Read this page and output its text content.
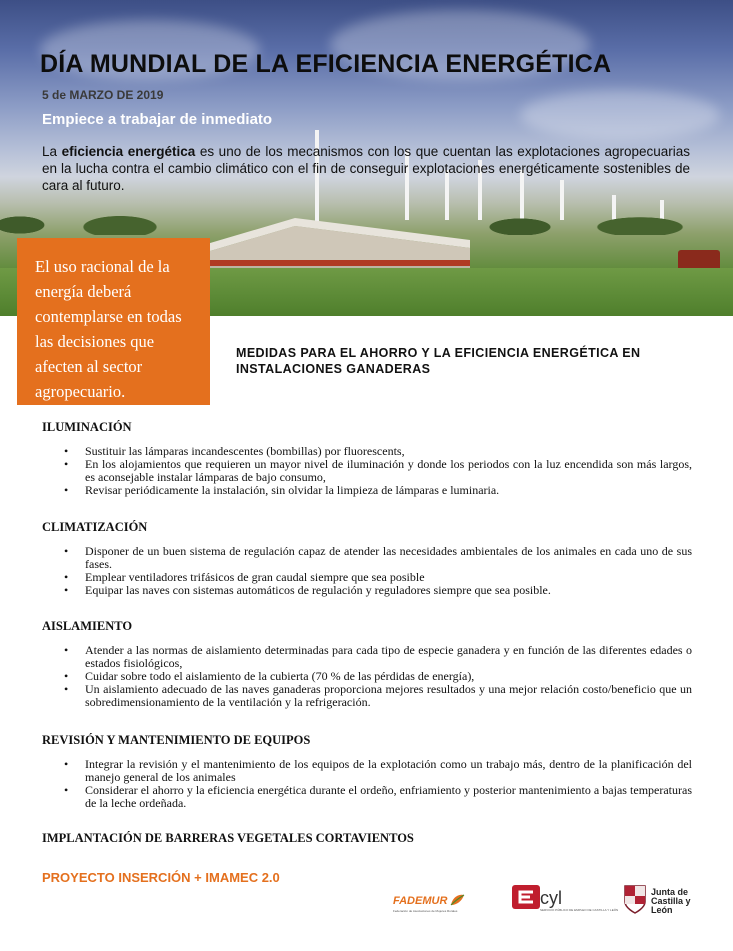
DÍA MUNDIAL DE LA EFICIENCIA ENERGÉTICA
5 de MARZO DE 2019
Empiece a trabajar de inmediato

La eficiencia energética es uno de los mecanismos con los que cuentan las explotaciones agropecuarias en la lucha contra el cambio climático con el fin de conseguir explotaciones energéticamente sostenibles de cara al futuro.

El uso racional de la energía deberá contemplarse en todas las decisiones que afecten al sector agropecuario.
MEDIDAS PARA EL AHORRO Y LA EFICIENCIA ENERGÉTICA EN INSTALACIONES GANADERAS
ILUMINACIÓN
• Sustituir las lámparas incandescentes (bombillas) por fluorescents,
• En los alojamientos que requieren un mayor nivel de iluminación y donde los periodos con la luz encendida son más largos, es aconsejable instalar lámparas de bajo consumo,
• Revisar periódicamente la instalación, sin olvidar la limpieza de lámparas e luminaria.
CLIMATIZACIÓN
• Disponer de un buen sistema de regulación capaz de atender las necesidades ambientales de los animales en cada uno de sus fases.
• Emplear ventiladores trifásicos de gran caudal siempre que sea posible
• Equipar las naves con sistemas automáticos de regulación y reguladores siempre que sea posible.
AISLAMIENTO
• Atender a las normas de aislamiento determinadas para cada tipo de especie ganadera y en función de las diferentes edades o estados fisiológicos,
• Cuidar sobre todo el aislamiento de la cubierta (70 % de las pérdidas de energía),
• Un aislamiento adecuado de las naves ganaderas proporciona mejores resultados y una mejor relación costo/beneficio que un sobredimensionamiento de la ventilación y la refrigeración.
REVISIÓN Y MANTENIMIENTO DE EQUIPOS
• Integrar la revisión y el mantenimiento de los equipos de la explotación como un trabajo más, dentro de la planificación del manejo general de los animales
• Considerar el ahorro y la eficiencia energética durante el ordeño, enfriamiento y posterior mantenimiento a bajas temperaturas de la leche ordeñada.
IMPLANTACIÓN DE BARRERAS VEGETALES CORTAVIENTOS
PROYECTO INSERCIÓN + IMAMEC 2.0
FADEMUR
Federación de Asociaciones de Mujeres Rurales
cyl
SERVICIO PÚBLICO DE EMPLEO DE CASTILLA Y LEÓN
Junta de
Castilla y León
